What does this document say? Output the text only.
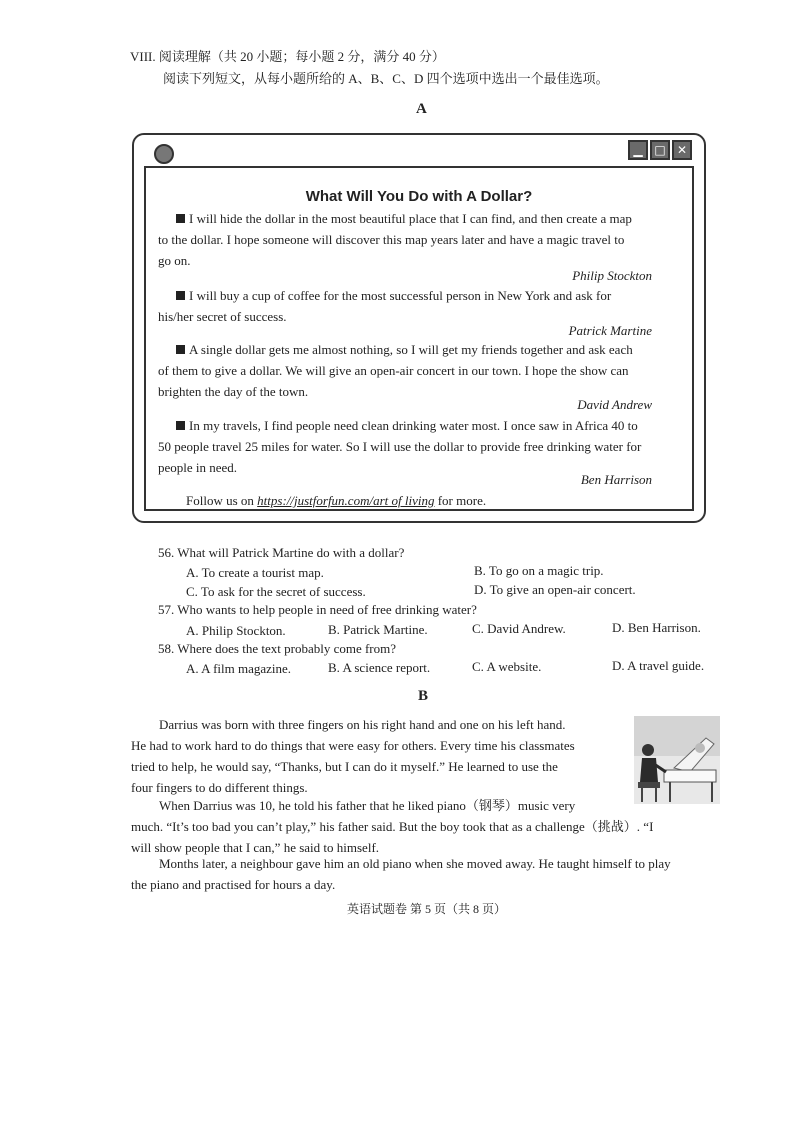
VIII. 阅读理解（共 20 小题；每小题 2 分，满分 40 分）
阅读下列短文，从每小题所给的 A、B、C、D 四个选项中选出一个最佳选项。
A
▁ □ ✕
What Will You Do with A Dollar?
I will hide the dollar in the most beautiful place that I can find, and then create a map
to the dollar. I hope someone will discover this map years later and have a magic travel to
go on.
Philip Stockton
I will buy a cup of coffee for the most successful person in New York and ask for
his/her secret of success.
Patrick Martine
A single dollar gets me almost nothing, so I will get my friends together and ask each
of them to give a dollar. We will give an open-air concert in our town. I hope the show can
brighten the day of the town.
David Andrew
In my travels, I find people need clean drinking water most. I once saw in Africa 40 to
50 people travel 25 miles for water. So I will use the dollar to provide free drinking water for
people in need.
Ben Harrison
Follow us on https://justforfun.com/art of living for more.
56. What will Patrick Martine do with a dollar?
A. To create a tourist map.	B. To go on a magic trip.
C. To ask for the secret of success.	D. To give an open-air concert.
57. Who wants to help people in need of free drinking water?
A. Philip Stockton.	B. Patrick Martine.	C. David Andrew.	D. Ben Harrison.
58. Where does the text probably come from?
A. A film magazine.	B. A science report.	C. A website.	D. A travel guide.
B
Darrius was born with three fingers on his right hand and one on his left hand.
He had to work hard to do things that were easy for others. Every time his classmates
tried to help, he would say, “Thanks, but I can do it myself.” He learned to use the
four fingers to do different things.
When Darrius was 10, he told his father that he liked piano（钢琴）music very
much. “It’s too bad you can’t play,” his father said. But the boy took that as a challenge（挑战）. “I
will show people that I can,” he said to himself.
Months later, a neighbour gave him an old piano when she moved away. He taught himself to play
the piano and practised for hours a day.
英语试题卷 第 5 页（共 8 页）
